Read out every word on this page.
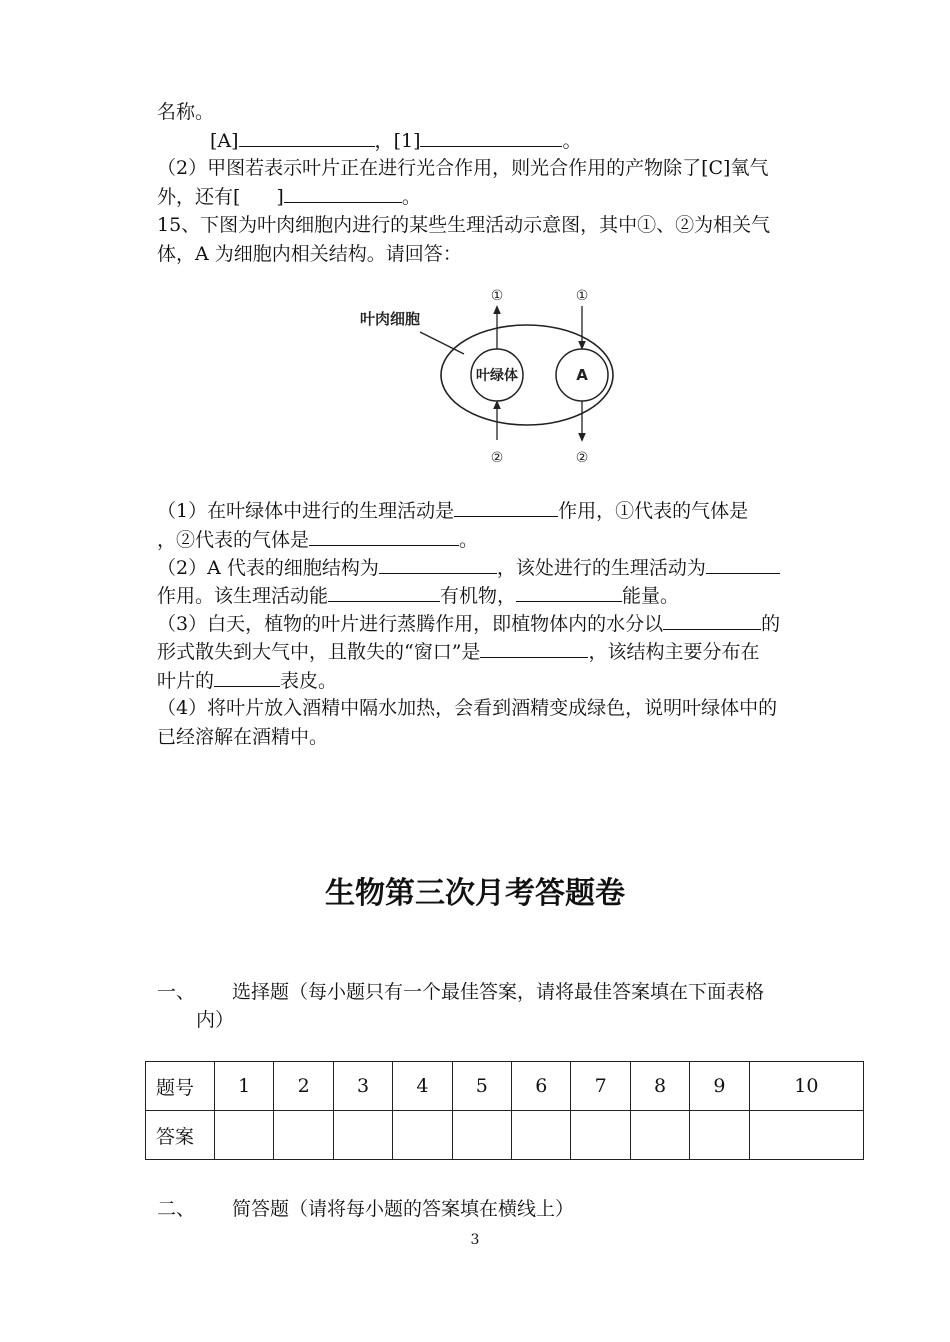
名称。
[A]	，[1]	。
（2）甲图若表示叶片正在进行光合作用，则光合作用的产物除了[C]氧气
外，还有[ ]	。
15、下图为叶肉细胞内进行的某些生理活动示意图，其中①、②为相关气
体，A 为细胞内相关结构。请回答：
叶肉细胞
叶绿体	A
①
②
①
②
（1）在叶绿体中进行的生理活动是	作用，①代表的气体是
，②代表的气体是	。
（2）A 代表的细胞结构为	，该处进行的生理活动为
作用。该生理活动能	有机物，	能量。
（3）白天，植物的叶片进行蒸腾作用，即植物体内的水分以	的
形式散失到大气中，且散失的“窗口”是	，该结构主要分布在
叶片的	表皮。
（4）将叶片放入酒精中隔水加热，会看到酒精变成绿色，说明叶绿体中的
已经溶解在酒精中。
生物第三次月考答题卷
一、 选择题（每小题只有一个最佳答案，请将最佳答案填在下面表格
内）
题号	1	2	3	4	5	6	7	8	9	10
答案										
二、 简答题（请将每小题的答案填在横线上）
3
